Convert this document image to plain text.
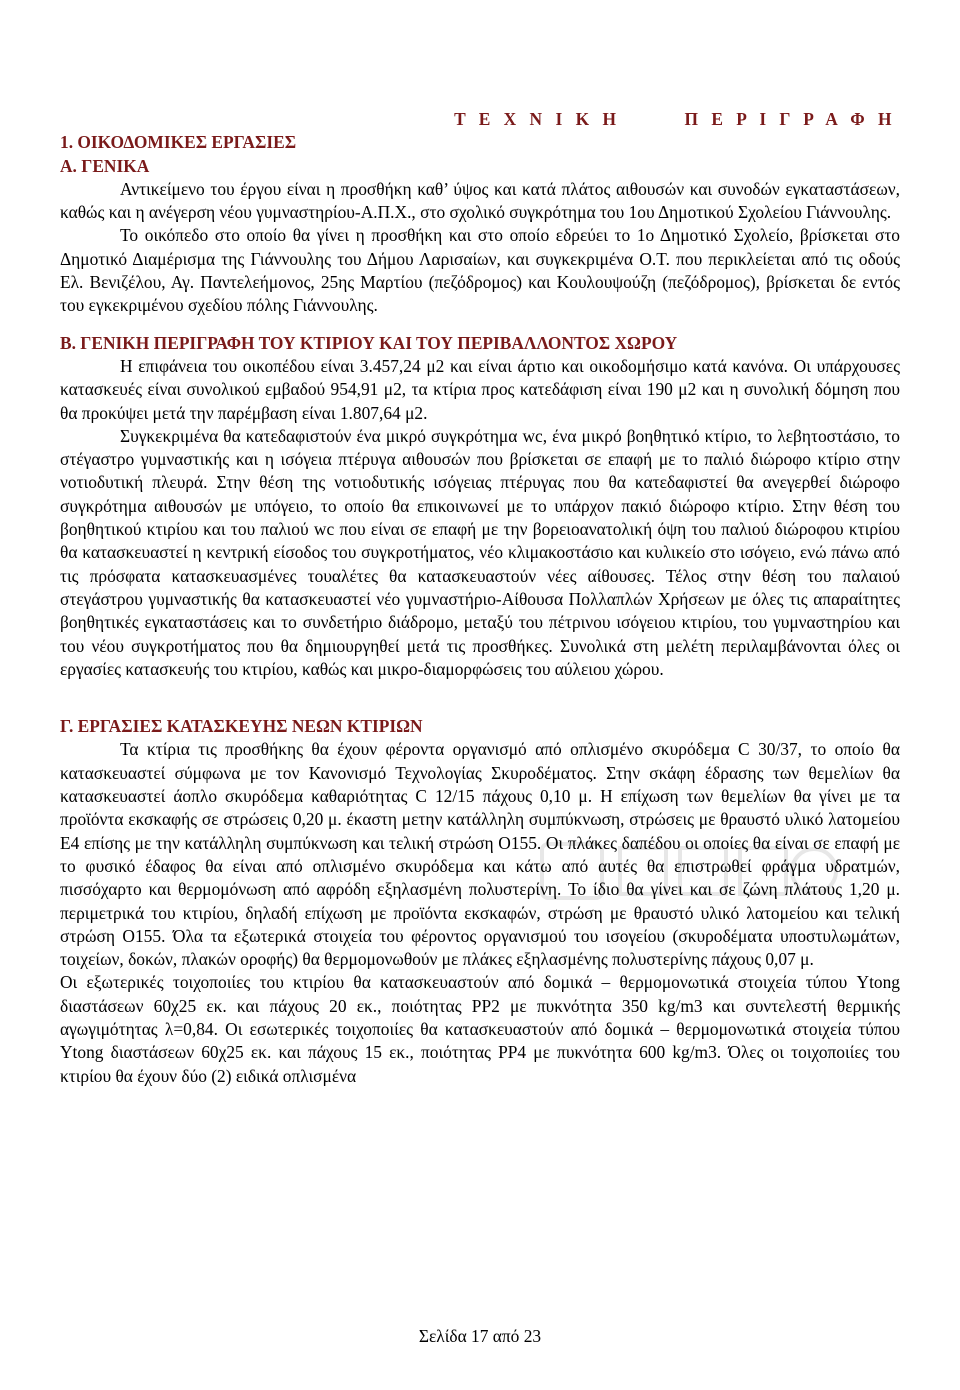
Τ Ε Χ Ν Ι Κ Η	Π Ε Ρ Ι Γ Ρ Α Φ Η
1. ΟΙΚΟΔΟΜΙΚΕΣ ΕΡΓΑΣΙΕΣ
Α. ΓΕΝΙΚΑ

Αντικείμενο του έργου είναι η προσθήκη καθ’ ύψος και κατά πλάτος αιθουσών και συνοδών εγκαταστάσεων, καθώς και η ανέγερση νέου γυμναστηρίου-Α.Π.Χ., στο σχολικό συγκρότημα του 1ου Δημοτικού Σχολείου Γιάννουλης.

Το οικόπεδο στο οποίο θα γίνει η προσθήκη και στο οποίο εδρεύει το 1ο Δημοτικό Σχολείο, βρίσκεται στο Δημοτικό Διαμέρισμα της Γιάννουλης του Δήμου Λαρισαίων, και συγκεκριμένα Ο.Τ. που περικλείεται από τις οδούς Ελ. Βενιζέλου, Αγ. Παντελεήμονος, 25ης Μαρτίου (πεζόδρομος) και Κουλουψούζη (πεζόδρομος), βρίσκεται δε εντός του εγκεκριμένου σχεδίου πόλης Γιάννουλης.

Β. ΓΕΝΙΚΗ ΠΕΡΙΓΡΑΦΗ ΤΟΥ ΚΤΙΡΙΟΥ ΚΑΙ ΤΟΥ ΠΕΡΙΒΑΛΛΟΝΤΟΣ ΧΩΡΟΥ

Η επιφάνεια του οικοπέδου είναι 3.457,24 μ2 και είναι άρτιο και οικοδομήσιμο κατά κανόνα. Οι υπάρχουσες κατασκευές είναι συνολικού εμβαδού 954,91 μ2, τα κτίρια προς κατεδάφιση είναι 190 μ2 και η συνολική δόμηση που θα προκύψει μετά την παρέμβαση είναι 1.807,64 μ2.

Συγκεκριμένα θα κατεδαφιστούν ένα μικρό συγκρότημα wc, ένα μικρό βοηθητικό κτίριο, το λεβητοστάσιο, το στέγαστρο γυμναστικής και η ισόγεια πτέρυγα αιθουσών που βρίσκεται σε επαφή με το παλιό διώροφο κτίριο στην νοτιοδυτική πλευρά. Στην θέση της νοτιοδυτικής ισόγειας πτέρυγας που θα κατεδαφιστεί θα ανεγερθεί διώροφο συγκρότημα αιθουσών με υπόγειο, το οποίο θα επικοινωνεί με το υπάρχον πακιό διώροφο κτίριο. Στην θέση του βοηθητικού κτιρίου και του παλιού wc που είναι σε επαφή με την βορειοανατολική όψη του παλιού διώροφου κτιρίου θα κατασκευαστεί η κεντρική είσοδος του συγκροτήματος, νέο κλιμακοστάσιο και κυλικείο στο ισόγειο, ενώ πάνω από τις πρόσφατα κατασκευασμένες τουαλέτες θα κατασκευαστούν νέες αίθουσες. Τέλος στην θέση του παλαιού στεγάστρου γυμναστικής θα κατασκευαστεί νέο γυμναστήριο-Αίθουσα Πολλαπλών Χρήσεων με όλες τις απαραίτητες βοηθητικές εγκαταστάσεις και το συνδετήριο διάδρομο, μεταξύ του πέτρινου ισόγειου κτιρίου, του γυμναστηρίου και του νέου συγκροτήματος που θα δημιουργηθεί μετά τις προσθήκες. Συνολικά στη μελέτη περιλαμβάνονται όλες οι εργασίες κατασκευής του κτιρίου, καθώς και μικρο-διαμορφώσεις του αύλειου χώρου.

Γ. ΕΡΓΑΣΙΕΣ ΚΑΤΑΣΚΕΥΗΣ ΝΕΩΝ ΚΤΙΡΙΩΝ

Τα κτίρια τις προσθήκης θα έχουν φέροντα οργανισμό από οπλισμένο σκυρόδεμα C 30/37, το οποίο θα κατασκευαστεί σύμφωνα με τον Κανονισμό Τεχνολογίας Σκυροδέματος. Στην σκάφη έδρασης των θεμελίων θα κατασκευαστεί άοπλο σκυρόδεμα καθαριότητας C 12/15 πάχους 0,10 μ. Η επίχωση των θεμελίων θα γίνει με τα προϊόντα εκσκαφής σε στρώσεις 0,20 μ. έκαστη μετην κατάλληλη συμπύκνωση, στρώσεις με θραυστό υλικό λατομείου Ε4 επίσης με την κατάλληλη συμπύκνωση και τελική στρώση Ο155. Οι πλάκες δαπέδου οι οποίες θα είναι σε επαφή με το φυσικό έδαφος θα είναι από οπλισμένο σκυρόδεμα και κάτω από αυτές θα επιστρωθεί φράγμα υδρατμών, πισσόχαρτο και θερμομόνωση από αφρόδη εξηλασμένη πολυστερίνη. Το ίδιο θα γίνει και σε ζώνη πλάτους 1,20 μ. περιμετρικά του κτιρίου, δηλαδή επίχωση με προϊόντα εκσκαφών, στρώση με θραυστό υλικό λατομείου και τελική στρώση Ο155. Όλα τα εξωτερικά στοιχεία του φέροντος οργανισμού του ισογείου (σκυροδέματα υποστυλωμάτων, τοιχείων, δοκών, πλακών οροφής) θα θερμομονωθούν με πλάκες εξηλασμένης πολυστερίνης πάχους 0,07 μ.

Οι εξωτερικές τοιχοποιίες του κτιρίου θα κατασκευαστούν από δομικά – θερμομονωτικά στοιχεία τύπου Ytong διαστάσεων 60χ25 εκ. και πάχους 20 εκ., ποιότητας PP2 με πυκνότητα 350 kg/m3 και συντελεστή θερμικής αγωγιμότητας λ=0,84. Οι εσωτερικές τοιχοποιίες θα κατασκευαστούν από δομικά – θερμομονωτικά στοιχεία τύπου Ytong διαστάσεων 60χ25 εκ. και πάχους 15 εκ., ποιότητας PP4 με πυκνότητα 600 kg/m3. Όλες οι τοιχοποιίες του κτιρίου θα έχουν δύο (2) ειδικά οπλισμένα

Σελίδα 17 από 23
